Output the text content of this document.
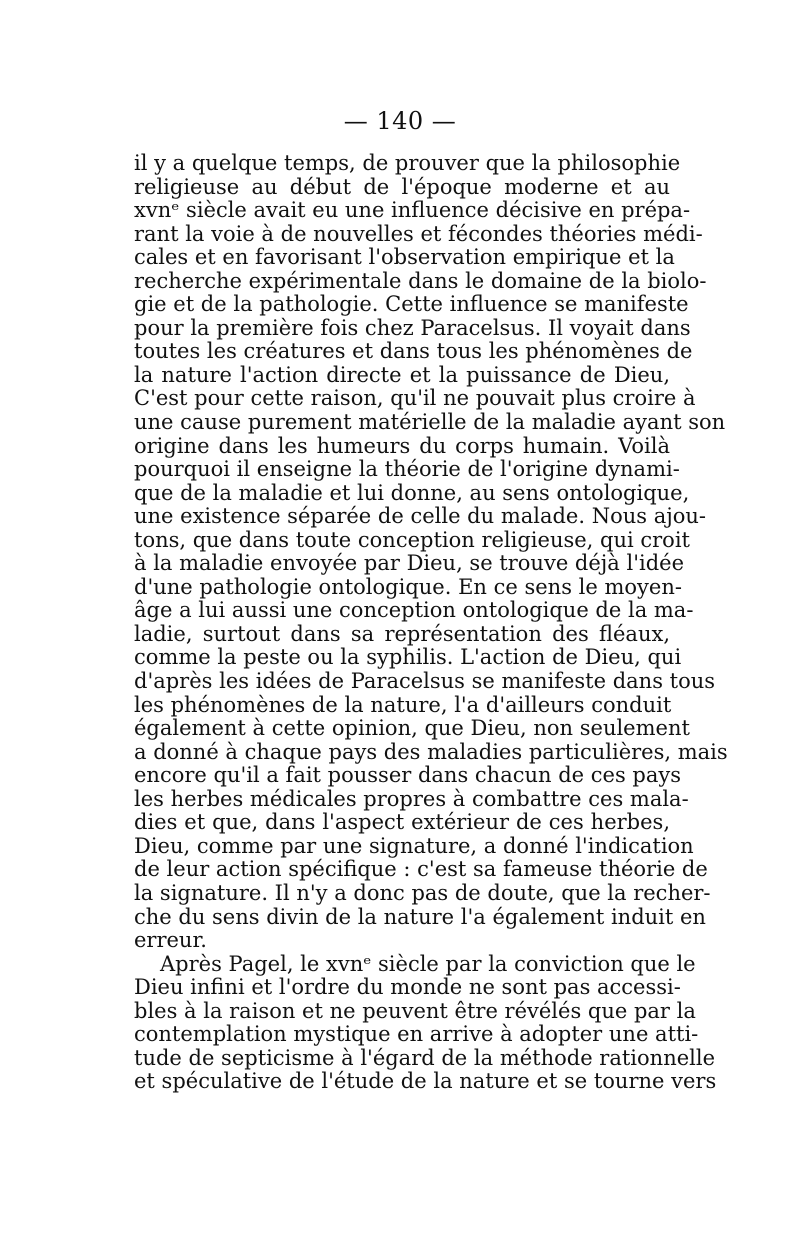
— 140 —
il y a quelque temps, de prouver que la philosophie
religieuse au début de l'époque moderne et au
xvnᵉ siècle avait eu une influence décisive en prépa-
rant la voie à de nouvelles et fécondes théories médi-
cales et en favorisant l'observation empirique et la
recherche expérimentale dans le domaine de la biolo-
gie et de la pathologie. Cette influence se manifeste
pour la première fois chez Paracelsus. Il voyait dans
toutes les créatures et dans tous les phénomènes de
la nature l'action directe et la puissance de Dieu,
C'est pour cette raison, qu'il ne pouvait plus croire à
une cause purement matérielle de la maladie ayant son
origine dans les humeurs du corps humain. Voilà
pourquoi il enseigne la théorie de l'origine dynami-
que de la maladie et lui donne, au sens ontologique,
une existence séparée de celle du malade. Nous ajou-
tons, que dans toute conception religieuse, qui croit
à la maladie envoyée par Dieu, se trouve déjà l'idée
d'une pathologie ontologique. En ce sens le moyen-
âge a lui aussi une conception ontologique de la ma-
ladie, surtout dans sa représentation des fléaux,
comme la peste ou la syphilis. L'action de Dieu, qui
d'après les idées de Paracelsus se manifeste dans tous
les phénomènes de la nature, l'a d'ailleurs conduit
également à cette opinion, que Dieu, non seulement
a donné à chaque pays des maladies particulières, mais
encore qu'il a fait pousser dans chacun de ces pays
les herbes médicales propres à combattre ces mala-
dies et que, dans l'aspect extérieur de ces herbes,
Dieu, comme par une signature, a donné l'indication
de leur action spécifique : c'est sa fameuse théorie de
la signature. Il n'y a donc pas de doute, que la recher-
che du sens divin de la nature l'a également induit en
erreur.
Après Pagel, le xvnᵉ siècle par la conviction que le
Dieu infini et l'ordre du monde ne sont pas accessi-
bles à la raison et ne peuvent être révélés que par la
contemplation mystique en arrive à adopter une atti-
tude de septicisme à l'égard de la méthode rationnelle
et spéculative de l'étude de la nature et se tourne vers
